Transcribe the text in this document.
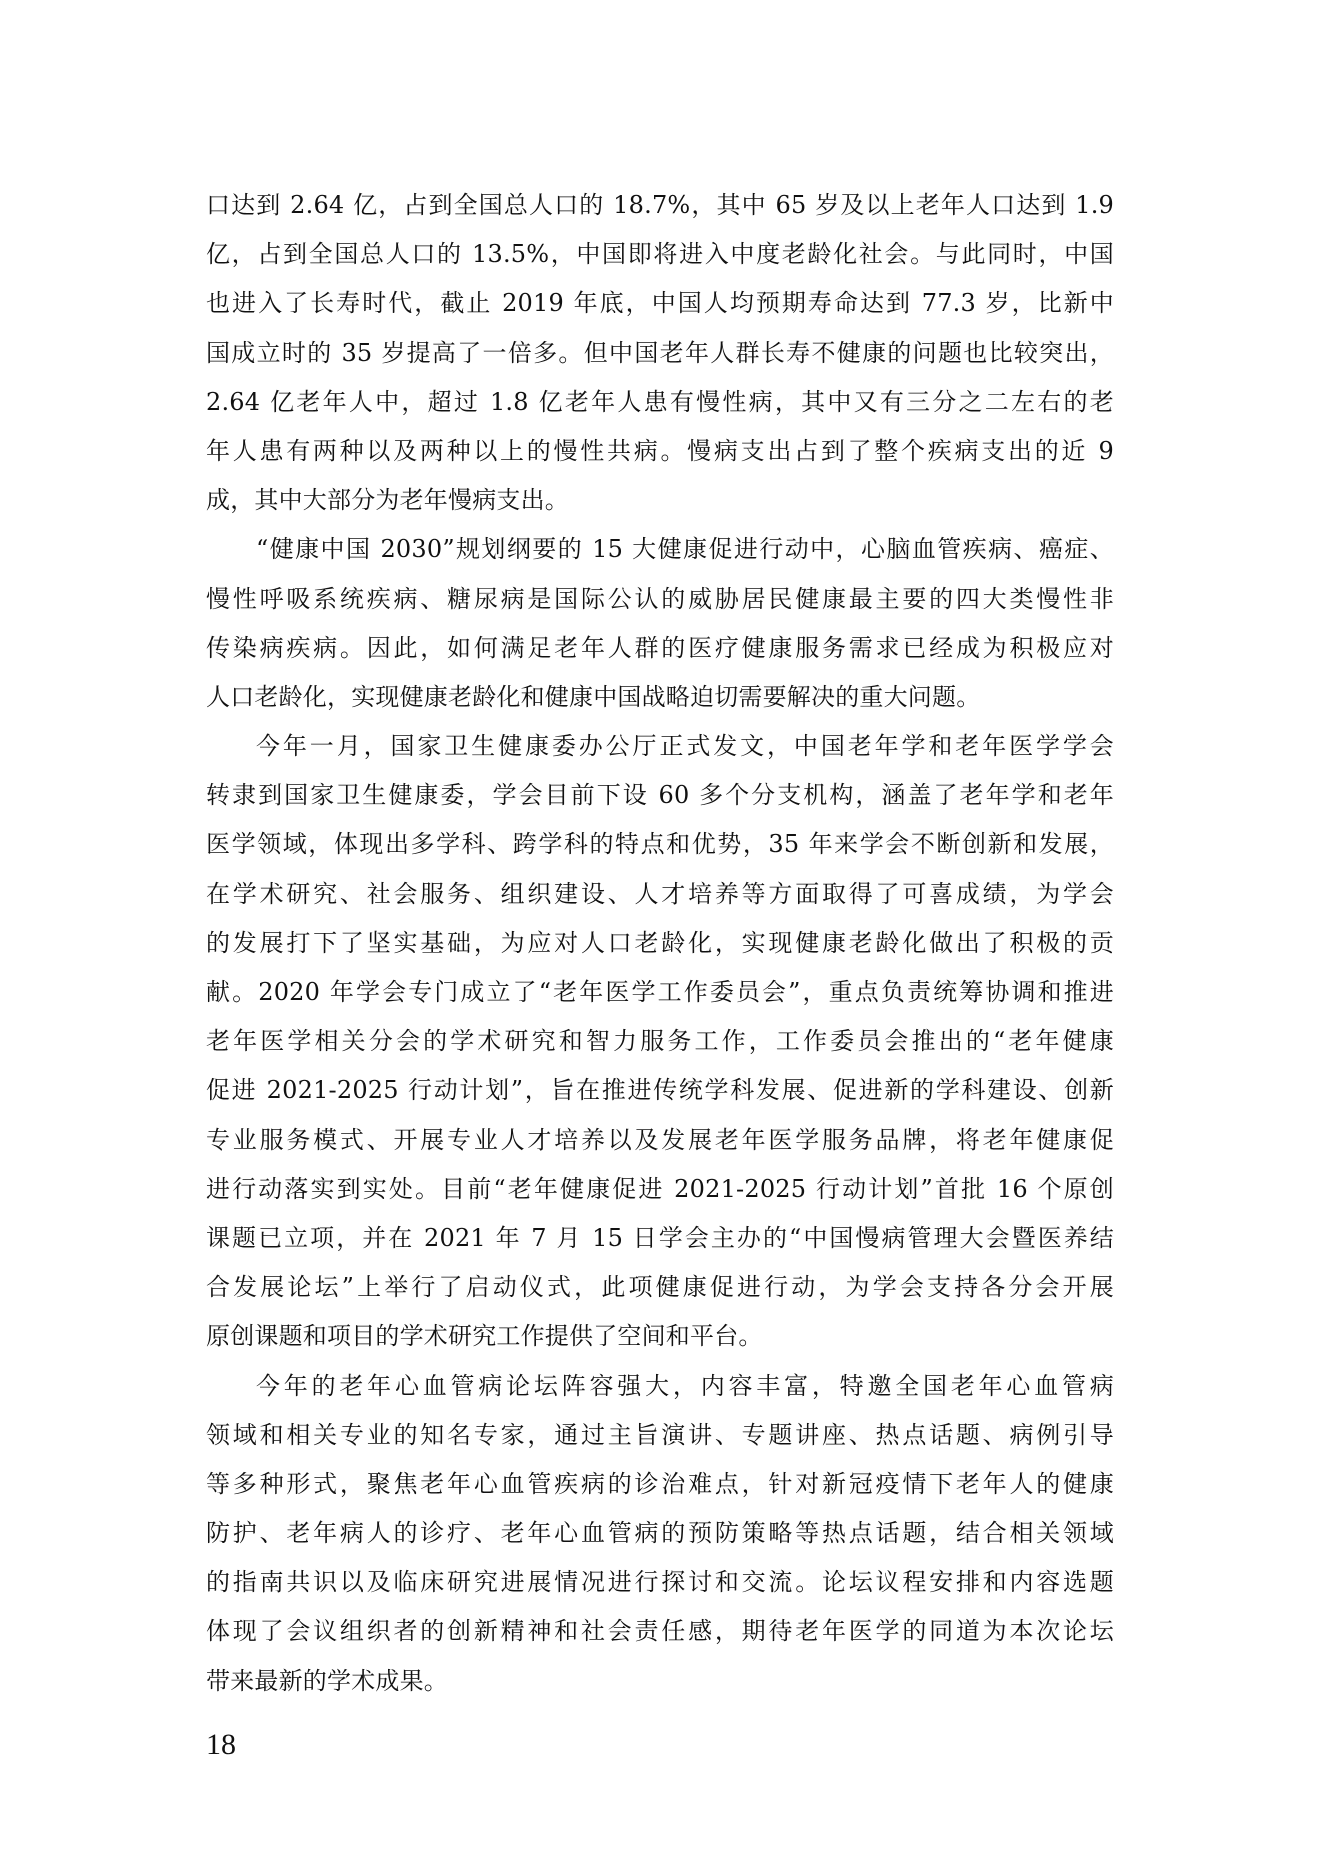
口达到 2.64 亿，占到全国总人口的 18.7%，其中 65 岁及以上老年人口达到 1.9
亿，占到全国总人口的 13.5%，中国即将进入中度老龄化社会。与此同时，中国
也进入了长寿时代，截止 2019 年底，中国人均预期寿命达到 77.3 岁，比新中
国成立时的 35 岁提高了一倍多。但中国老年人群长寿不健康的问题也比较突出，
2.64 亿老年人中，超过 1.8 亿老年人患有慢性病，其中又有三分之二左右的老
年人患有两种以及两种以上的慢性共病。慢病支出占到了整个疾病支出的近 9
成，其中大部分为老年慢病支出。
“健康中国 2030”规划纲要的 15 大健康促进行动中，心脑血管疾病、癌症、
慢性呼吸系统疾病、糖尿病是国际公认的威胁居民健康最主要的四大类慢性非
传染病疾病。因此，如何满足老年人群的医疗健康服务需求已经成为积极应对
人口老龄化，实现健康老龄化和健康中国战略迫切需要解决的重大问题。
今年一月，国家卫生健康委办公厅正式发文，中国老年学和老年医学学会
转隶到国家卫生健康委，学会目前下设 60 多个分支机构，涵盖了老年学和老年
医学领域，体现出多学科、跨学科的特点和优势，35 年来学会不断创新和发展，
在学术研究、社会服务、组织建设、人才培养等方面取得了可喜成绩，为学会
的发展打下了坚实基础，为应对人口老龄化，实现健康老龄化做出了积极的贡
献。2020 年学会专门成立了“老年医学工作委员会”，重点负责统筹协调和推进
老年医学相关分会的学术研究和智力服务工作，工作委员会推出的“老年健康
促进 2021-2025 行动计划”，旨在推进传统学科发展、促进新的学科建设、创新
专业服务模式、开展专业人才培养以及发展老年医学服务品牌，将老年健康促
进行动落实到实处。目前“老年健康促进 2021-2025 行动计划”首批 16 个原创
课题已立项，并在 2021 年 7 月 15 日学会主办的“中国慢病管理大会暨医养结
合发展论坛”上举行了启动仪式，此项健康促进行动，为学会支持各分会开展
原创课题和项目的学术研究工作提供了空间和平台。
今年的老年心血管病论坛阵容强大，内容丰富，特邀全国老年心血管病
领域和相关专业的知名专家，通过主旨演讲、专题讲座、热点话题、病例引导
等多种形式，聚焦老年心血管疾病的诊治难点，针对新冠疫情下老年人的健康
防护、老年病人的诊疗、老年心血管病的预防策略等热点话题，结合相关领域
的指南共识以及临床研究进展情况进行探讨和交流。论坛议程安排和内容选题
体现了会议组织者的创新精神和社会责任感，期待老年医学的同道为本次论坛
带来最新的学术成果。
18
